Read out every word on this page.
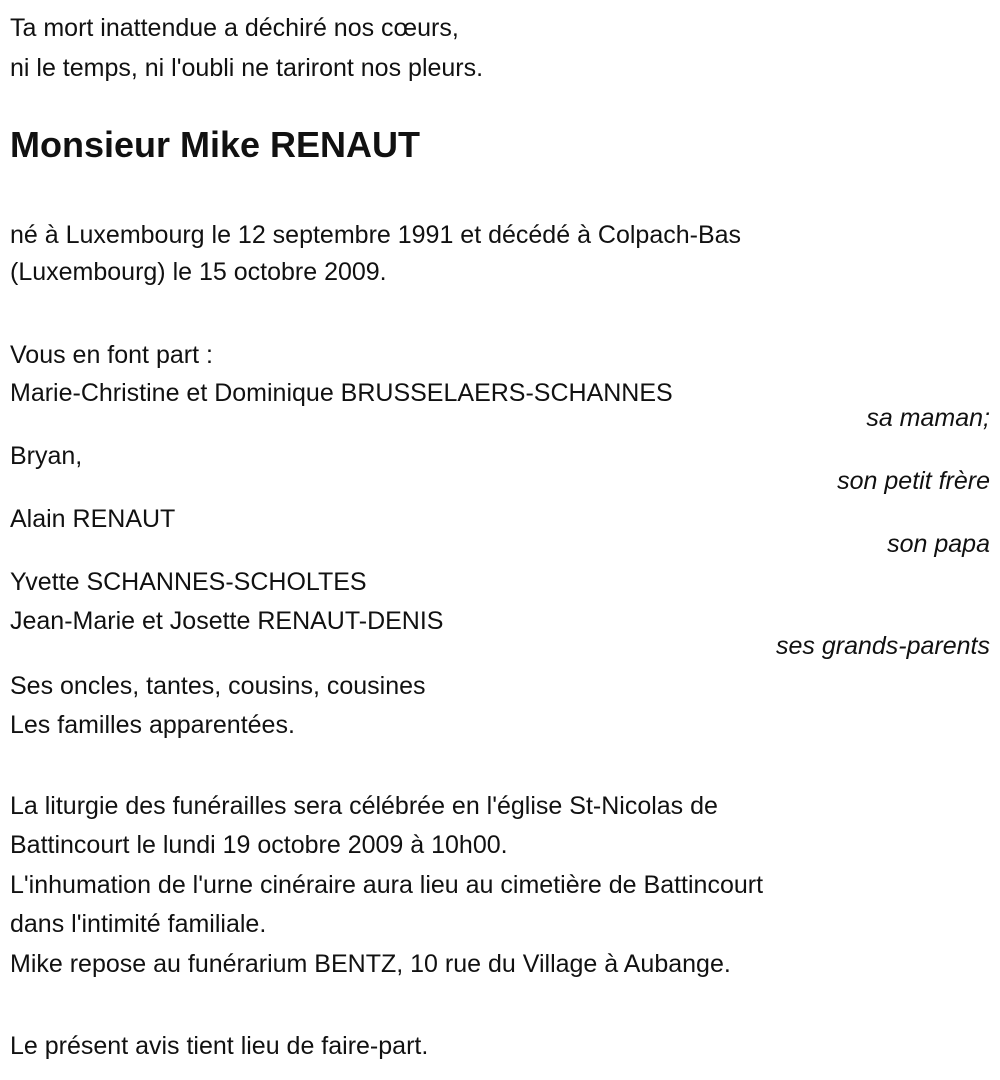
Ta mort inattendue a déchiré nos cœurs,
ni le temps, ni l'oubli ne tariront nos pleurs.
Monsieur Mike RENAUT
né à Luxembourg le 12 septembre 1991 et décédé à Colpach-Bas
(Luxembourg) le 15 octobre 2009.
Vous en font part :
Marie-Christine et Dominique BRUSSELAERS-SCHANNES
sa maman;
Bryan,
son petit frère
Alain RENAUT
son papa
Yvette SCHANNES-SCHOLTES
Jean-Marie et Josette RENAUT-DENIS
ses grands-parents
Ses oncles, tantes, cousins, cousines
Les familles apparentées.
La liturgie des funérailles sera célébrée en l'église St-Nicolas de
Battincourt le lundi 19 octobre 2009 à 10h00.
L'inhumation de l'urne cinéraire aura lieu au cimetière de Battincourt
dans l'intimité familiale.
Mike repose au funérarium BENTZ, 10 rue du Village à Aubange.
Le présent avis tient lieu de faire-part.
